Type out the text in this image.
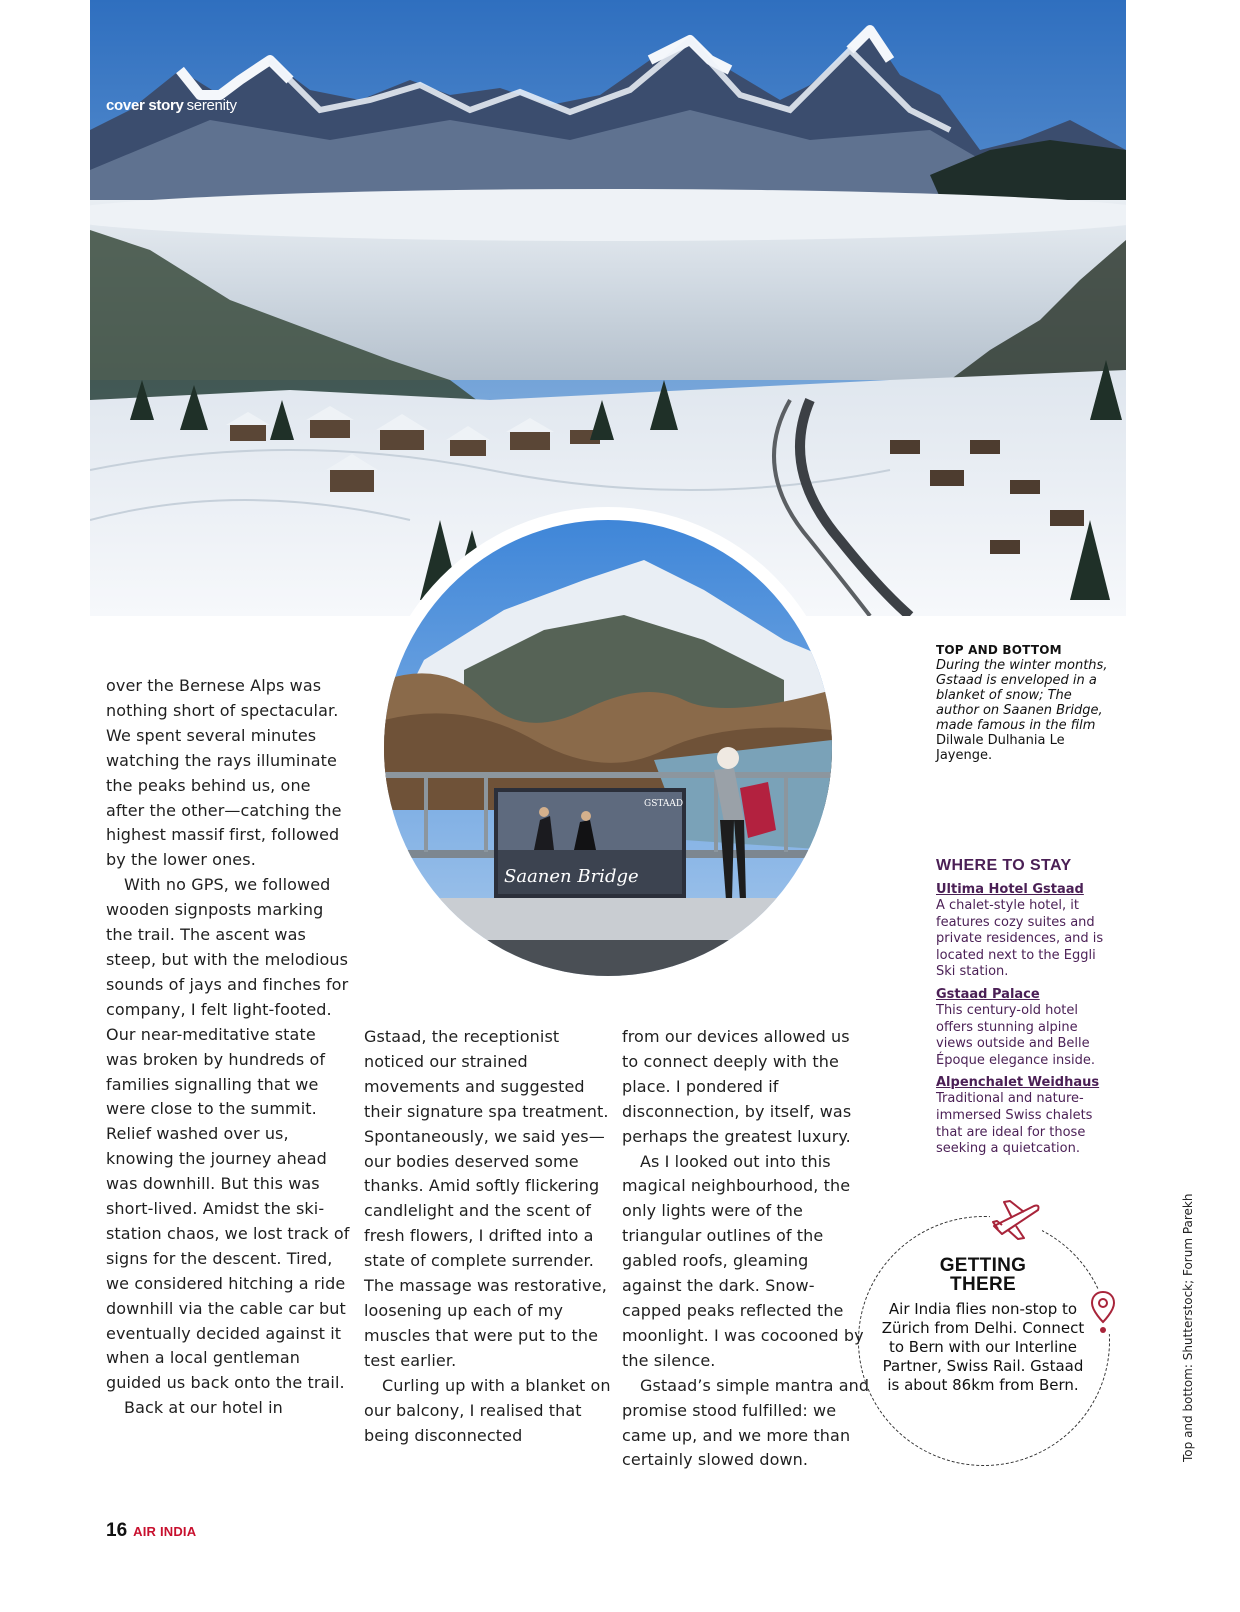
cover story serenity
GSTAAD
Saanen Bridge

over the Bernese Alps was nothing short of spectacular. We spent several minutes watching the rays illuminate the peaks behind us, one after the other—catching the highest massif first, followed by the lower ones.

With no GPS, we followed wooden signposts marking the trail. The ascent was steep, but with the melodious sounds of jays and finches for company, I felt light-footed. Our near-meditative state was broken by hundreds of families signalling that we were close to the summit. Relief washed over us, knowing the journey ahead was downhill. But this was short-lived. Amidst the ski-station chaos, we lost track of signs for the descent. Tired, we considered hitching a ride downhill via the cable car but eventually decided against it when a local gentleman guided us back onto the trail.

Back at our hotel in

Gstaad, the receptionist noticed our strained movements and suggested their signature spa treatment. Spontaneously, we said yes—our bodies deserved some thanks. Amid softly flickering candlelight and the scent of fresh flowers, I drifted into a state of complete surrender. The massage was restorative, loosening up each of my muscles that were put to the test earlier.

Curling up with a blanket on our balcony, I realised that being disconnected

from our devices allowed us to connect deeply with the place. I pondered if disconnection, by itself, was perhaps the greatest luxury.

As I looked out into this magical neighbourhood, the only lights were of the triangular outlines of the gabled roofs, gleaming against the dark. Snow-capped peaks reflected the moonlight. I was cocooned by the silence.

Gstaad’s simple mantra and promise stood fulfilled: we came up, and we more than certainly slowed down.

TOP AND BOTTOM
During the winter months, Gstaad is enveloped in a blanket of snow; The author on Saanen Bridge, made famous in the film Dilwale Dulhania Le Jayenge.
WHERE TO STAY
Ultima Hotel Gstaad
A chalet-style hotel, it features cozy suites and private residences, and is located next to the Eggli Ski station.
Gstaad Palace
This century-old hotel offers stunning alpine views outside and Belle Époque elegance inside.
Alpenchalet Weidhaus
Traditional and nature-immersed Swiss chalets that are ideal for those seeking a quietcation.
GETTING
THERE
Air India flies non-stop to Zürich from Delhi. Connect to Bern with our Interline Partner, Swiss Rail. Gstaad is about 86km from Bern.	Top and bottom: Shutterstock; Forum Parekh
16 AIR INDIA
